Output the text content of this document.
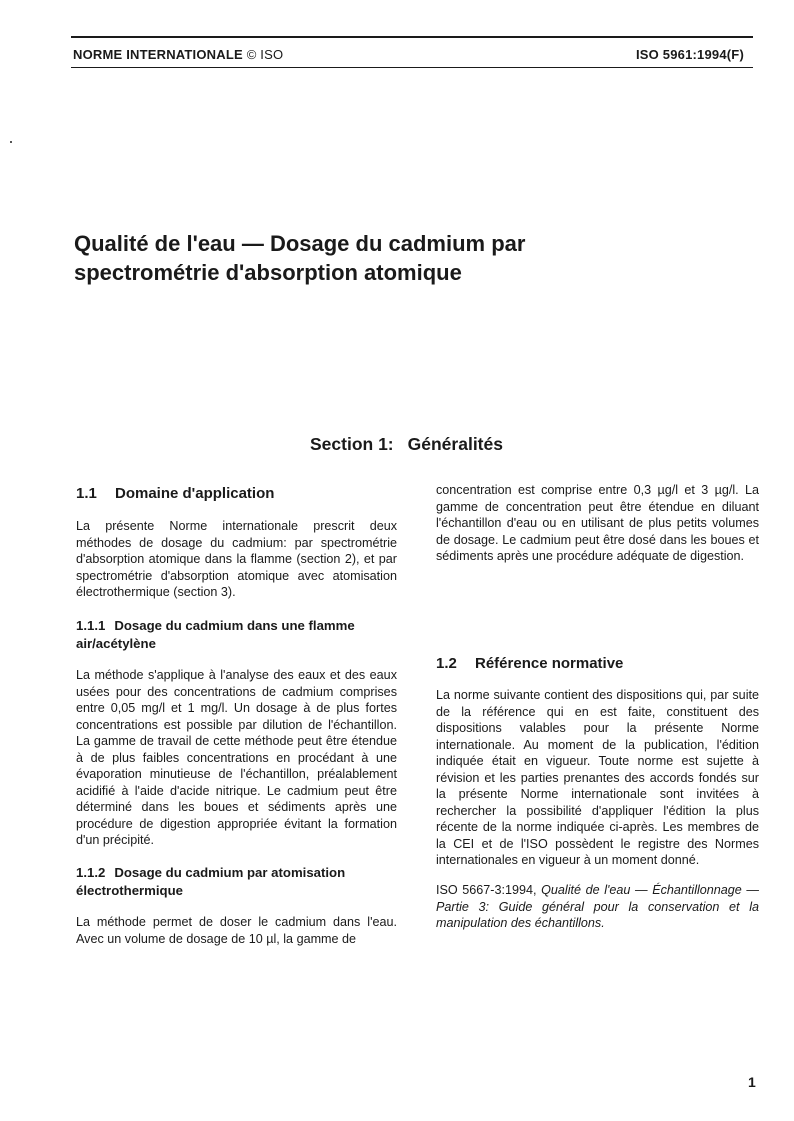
NORME INTERNATIONALE © ISO	ISO 5961:1994(F)
Qualité de l'eau — Dosage du cadmium par
spectrométrie d'absorption atomique
Section 1: Généralités
1.1 Domaine d'application
La présente Norme internationale prescrit deux méthodes de dosage du cadmium: par spectrométrie d'absorption atomique dans la flamme (section 2), et par spectrométrie d'absorption atomique avec atomisation électrothermique (section 3).
1.1.1 Dosage du cadmium dans une flamme air/acétylène
La méthode s'applique à l'analyse des eaux et des eaux usées pour des concentrations de cadmium comprises entre 0,05 mg/l et 1 mg/l. Un dosage à de plus fortes concentrations est possible par dilution de l'échantillon. La gamme de travail de cette méthode peut être étendue à de plus faibles concentrations en procédant à une évaporation minutieuse de l'échantillon, préalablement acidifié à l'aide d'acide nitrique. Le cadmium peut être déterminé dans les boues et sédiments après une procédure de digestion appropriée évitant la formation d'un précipité.
1.1.2 Dosage du cadmium par atomisation électrothermique
La méthode permet de doser le cadmium dans l'eau. Avec un volume de dosage de 10 µl, la gamme de
concentration est comprise entre 0,3 µg/l et 3 µg/l. La gamme de concentration peut être étendue en diluant l'échantillon d'eau ou en utilisant de plus petits volumes de dosage. Le cadmium peut être dosé dans les boues et sédiments après une procédure adéquate de digestion.
1.2 Référence normative
La norme suivante contient des dispositions qui, par suite de la référence qui en est faite, constituent des dispositions valables pour la présente Norme internationale. Au moment de la publication, l'édition indiquée était en vigueur. Toute norme est sujette à révision et les parties prenantes des accords fondés sur la présente Norme internationale sont invitées à rechercher la possibilité d'appliquer l'édition la plus récente de la norme indiquée ci-après. Les membres de la CEI et de l'ISO possèdent le registre des Normes internationales en vigueur à un moment donné.
ISO 5667-3:1994, Qualité de l'eau — Échantillonnage — Partie 3: Guide général pour la conservation et la manipulation des échantillons.
1
